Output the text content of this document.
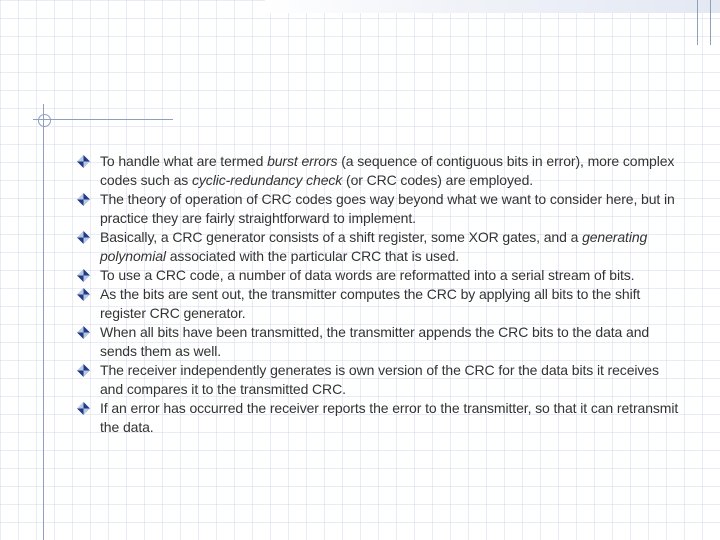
To handle what are termed burst errors (a sequence of contiguous bits in error), more complex codes such as cyclic-redundancy check (or CRC codes) are employed.
The theory of operation of CRC codes goes way beyond what we want to consider here, but in practice they are fairly straightforward to implement.
Basically, a CRC generator consists of a shift register, some XOR gates, and a generating polynomial associated with the particular CRC that is used.
To use a CRC code, a number of data words are reformatted into a serial stream of bits.
As the bits are sent out, the transmitter computes the CRC by applying all bits to the shift register CRC generator.
When all bits have been transmitted, the transmitter appends the CRC bits to the data and sends them as well.
The receiver independently generates is own version of the CRC for the data bits it receives and compares it to the transmitted CRC.
If an error has occurred the receiver reports the error to the transmitter, so that it can retransmit the data.
